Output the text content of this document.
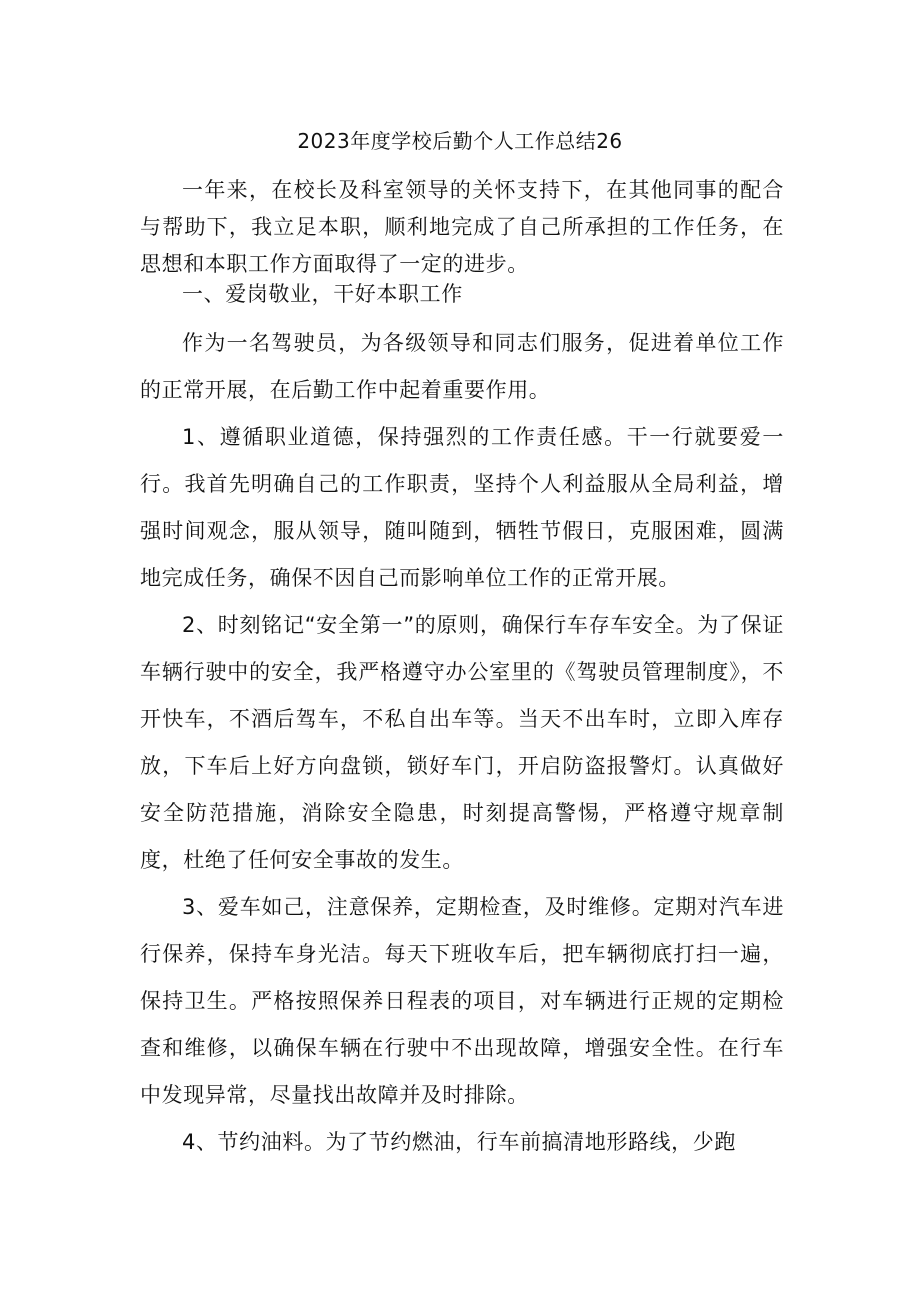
2023年度学校后勤个人工作总结26

一年来，在校长及科室领导的关怀支持下，在其他同事的配合与帮助下，我立足本职，顺利地完成了自己所承担的工作任务，在思想和本职工作方面取得了一定的进步。

一、爱岗敬业，干好本职工作

作为一名驾驶员，为各级领导和同志们服务，促进着单位工作的正常开展，在后勤工作中起着重要作用。

1、遵循职业道德，保持强烈的工作责任感。干一行就要爱一行。我首先明确自己的工作职责，坚持个人利益服从全局利益，增强时间观念，服从领导，随叫随到，牺牲节假日，克服困难，圆满地完成任务，确保不因自己而影响单位工作的正常开展。

2、时刻铭记“安全第一”的原则，确保行车存车安全。为了保证车辆行驶中的安全，我严格遵守办公室里的《驾驶员管理制度》，不开快车，不酒后驾车，不私自出车等。当天不出车时，立即入库存放，下车后上好方向盘锁，锁好车门，开启防盗报警灯。认真做好安全防范措施，消除安全隐患，时刻提高警惕，严格遵守规章制度，杜绝了任何安全事故的发生。

3、爱车如己，注意保养，定期检查，及时维修。定期对汽车进行保养，保持车身光洁。每天下班收车后，把车辆彻底打扫一遍，保持卫生。严格按照保养日程表的项目，对车辆进行正规的定期检查和维修，以确保车辆在行驶中不出现故障，增强安全性。在行车中发现异常，尽量找出故障并及时排除。

4、节约油料。为了节约燃油，行车前搞清地形路线，少跑
